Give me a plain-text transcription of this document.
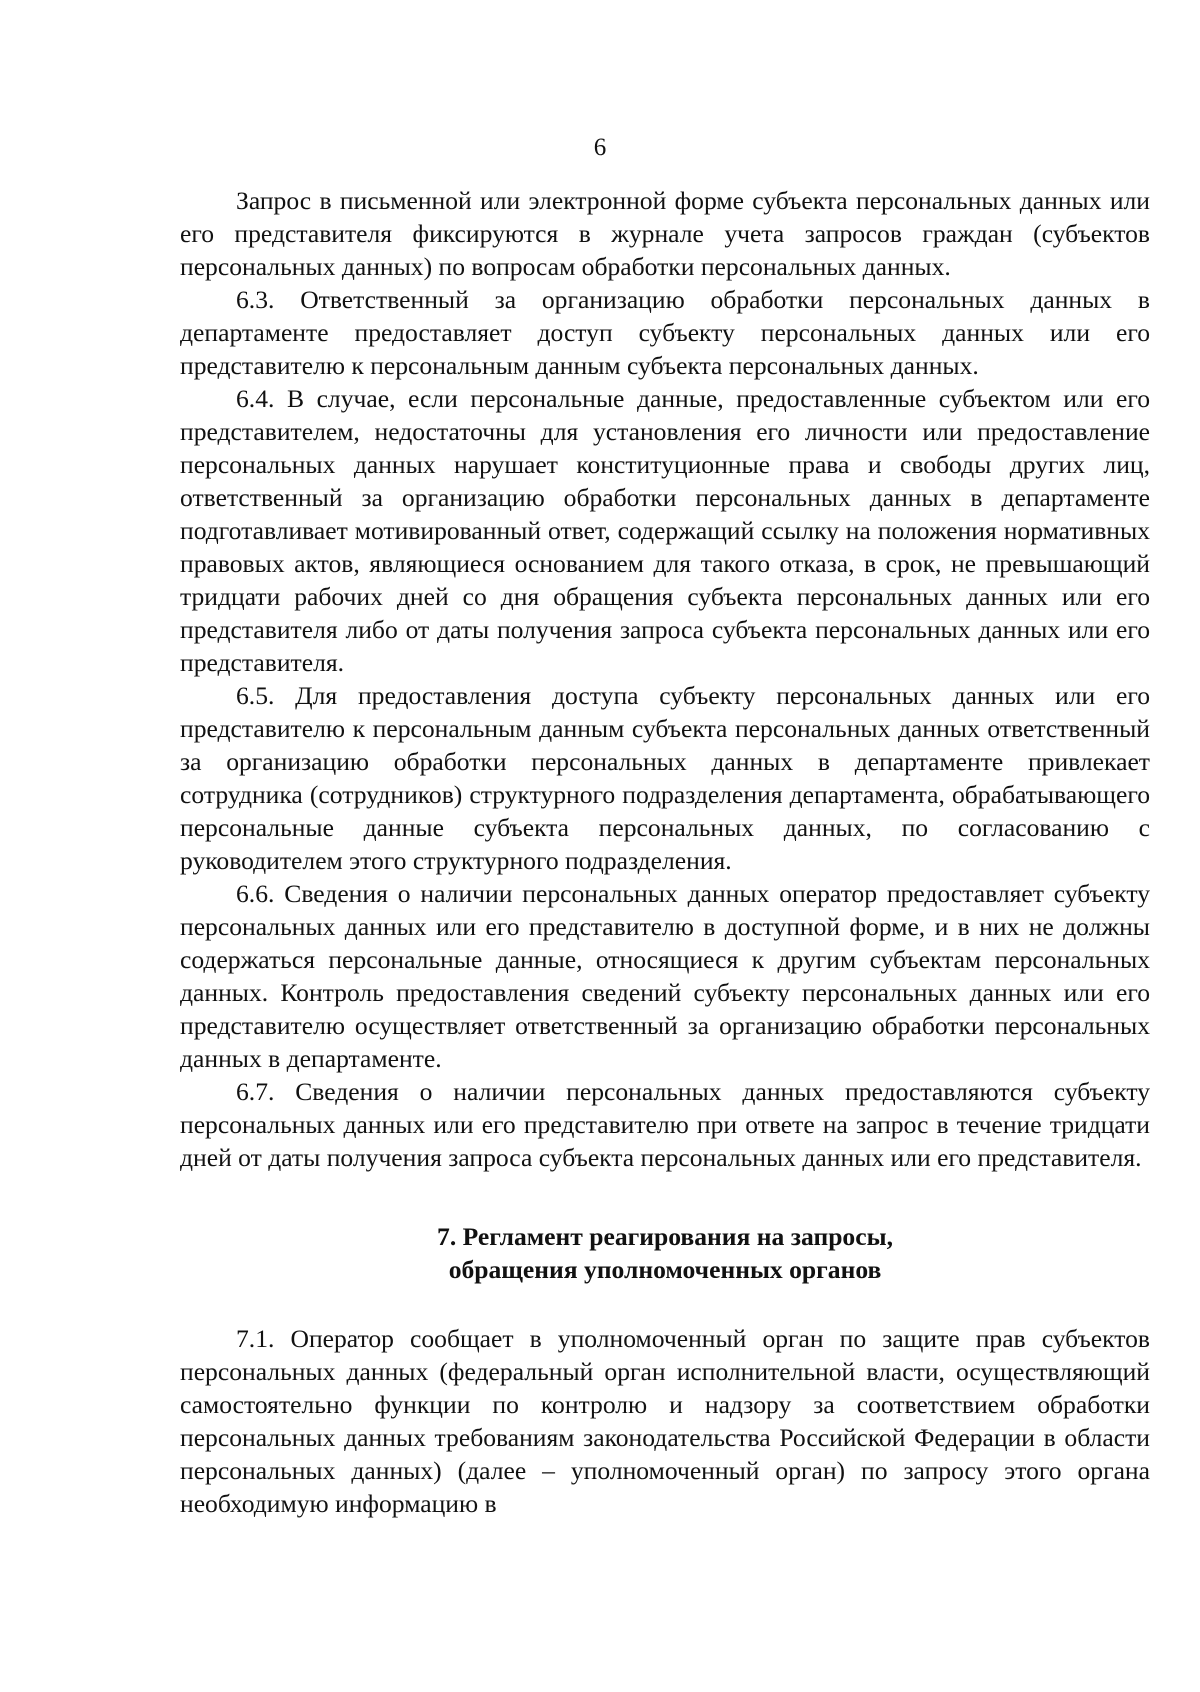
6

Запрос в письменной или электронной форме субъекта персональных данных или его представителя фиксируются в журнале учета запросов граждан (субъектов персональных данных) по вопросам обработки персональных данных.

6.3. Ответственный за организацию обработки персональных данных в департаменте предоставляет доступ субъекту персональных данных или его представителю к персональным данным субъекта персональных данных.

6.4. В случае, если персональные данные, предоставленные субъектом или его представителем, недостаточны для установления его личности или предоставление персональных данных нарушает конституционные права и свободы других лиц, ответственный за организацию обработки персональных данных в департаменте подготавливает мотивированный ответ, содержащий ссылку на положения нормативных правовых актов, являющиеся основанием для такого отказа, в срок, не превышающий тридцати рабочих дней со дня обращения субъекта персональных данных или его представителя либо от даты получения запроса субъекта персональных данных или его представителя.

6.5. Для предоставления доступа субъекту персональных данных или его представителю к персональным данным субъекта персональных данных ответственный за организацию обработки персональных данных в департаменте привлекает сотрудника (сотрудников) структурного подразделения департамента, обрабатывающего персональные данные субъекта персональных данных, по согласованию с руководителем этого структурного подразделения.

6.6. Сведения о наличии персональных данных оператор предоставляет субъекту персональных данных или его представителю в доступной форме, и в них не должны содержаться персональные данные, относящиеся к другим субъектам персональных данных. Контроль предоставления сведений субъекту персональных данных или его представителю осуществляет ответственный за организацию обработки персональных данных в департаменте.

6.7. Сведения о наличии персональных данных предоставляются субъекту персональных данных или его представителю при ответе на запрос в течение тридцати дней от даты получения запроса субъекта персональных данных или его представителя.

7. Регламент реагирования на запросы,
обращения уполномоченных органов

7.1. Оператор сообщает в уполномоченный орган по защите прав субъектов персональных данных (федеральный орган исполнительной власти, осуществляющий самостоятельно функции по контролю и надзору за соответствием обработки персональных данных требованиям законодательства Российской Федерации в области персональных данных) (далее – уполномоченный орган) по запросу этого органа необходимую информацию в
